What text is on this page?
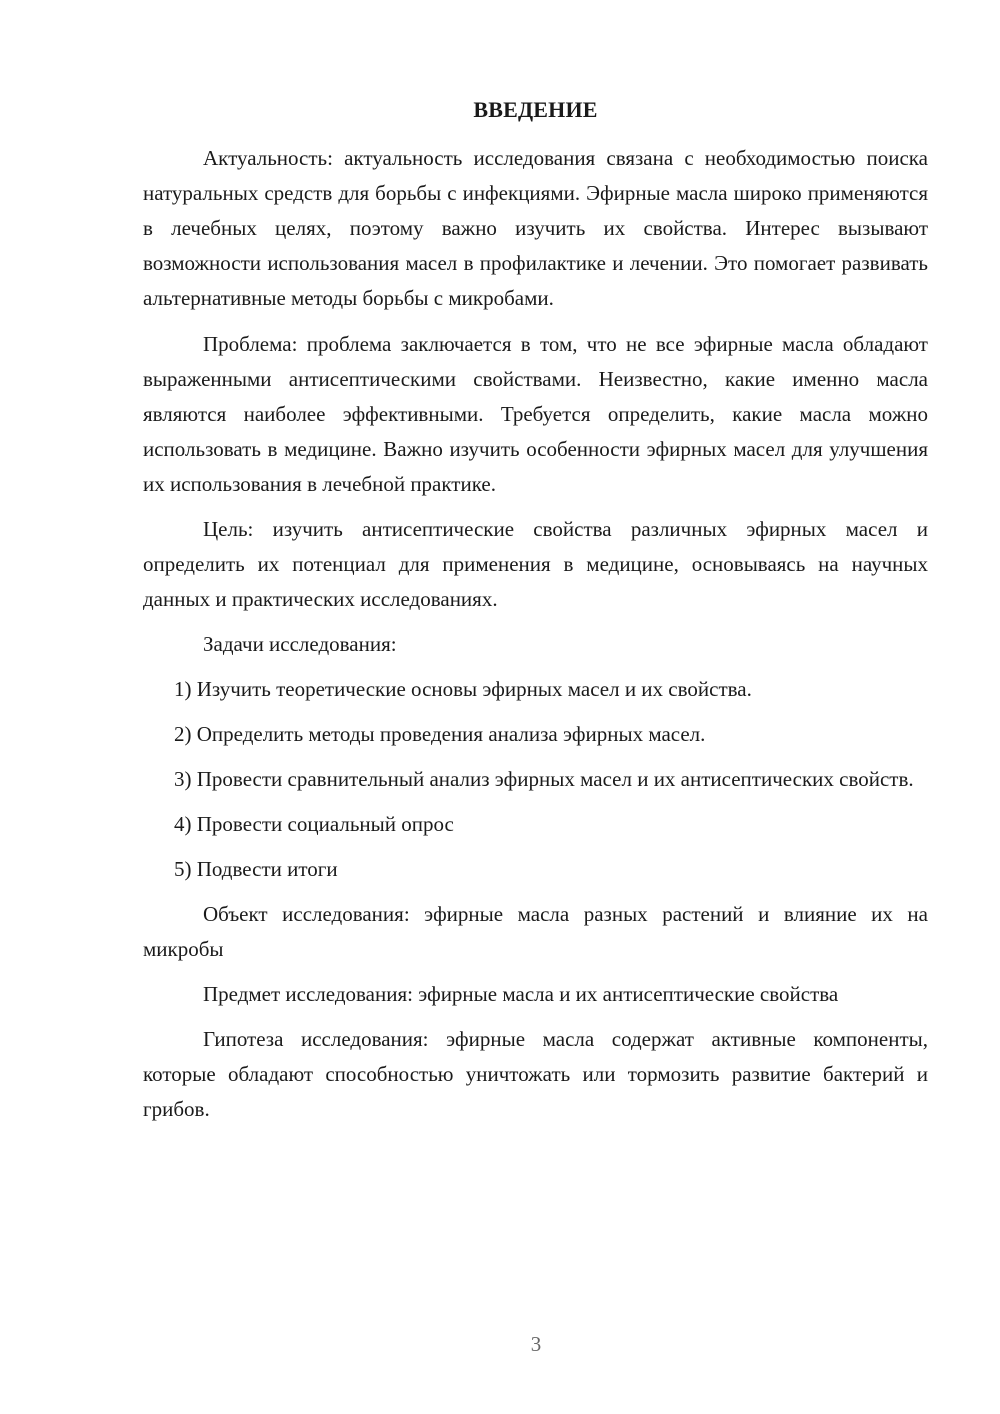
ВВЕДЕНИЕ

Актуальность: актуальность исследования связана с необходимостью поиска натуральных средств для борьбы с инфекциями. Эфирные масла широко применяются в лечебных целях, поэтому важно изучить их свойства. Интерес вызывают возможности использования масел в профилактике и лечении. Это помогает развивать альтернативные методы борьбы с микробами.

Проблема: проблема заключается в том, что не все эфирные масла обладают выраженными антисептическими свойствами. Неизвестно, какие именно масла являются наиболее эффективными. Требуется определить, какие масла можно использовать в медицине. Важно изучить особенности эфирных масел для улучшения их использования в лечебной практике.

Цель: изучить антисептические свойства различных эфирных масел и определить их потенциал для применения в медицине, основываясь на научных данных и практических исследованиях.

Задачи исследования:

1) Изучить теоретические основы эфирных масел и их свойства.

2) Определить методы проведения анализа эфирных масел.

3) Провести сравнительный анализ эфирных масел и их антисептических свойств.

4) Провести социальный опрос

5) Подвести итоги

Объект исследования: эфирные масла разных растений и влияние их на микробы

Предмет исследования: эфирные масла и их антисептические свойства

Гипотеза исследования: эфирные масла содержат активные компоненты, которые обладают способностью уничтожать или тормозить развитие бактерий и грибов.

3
